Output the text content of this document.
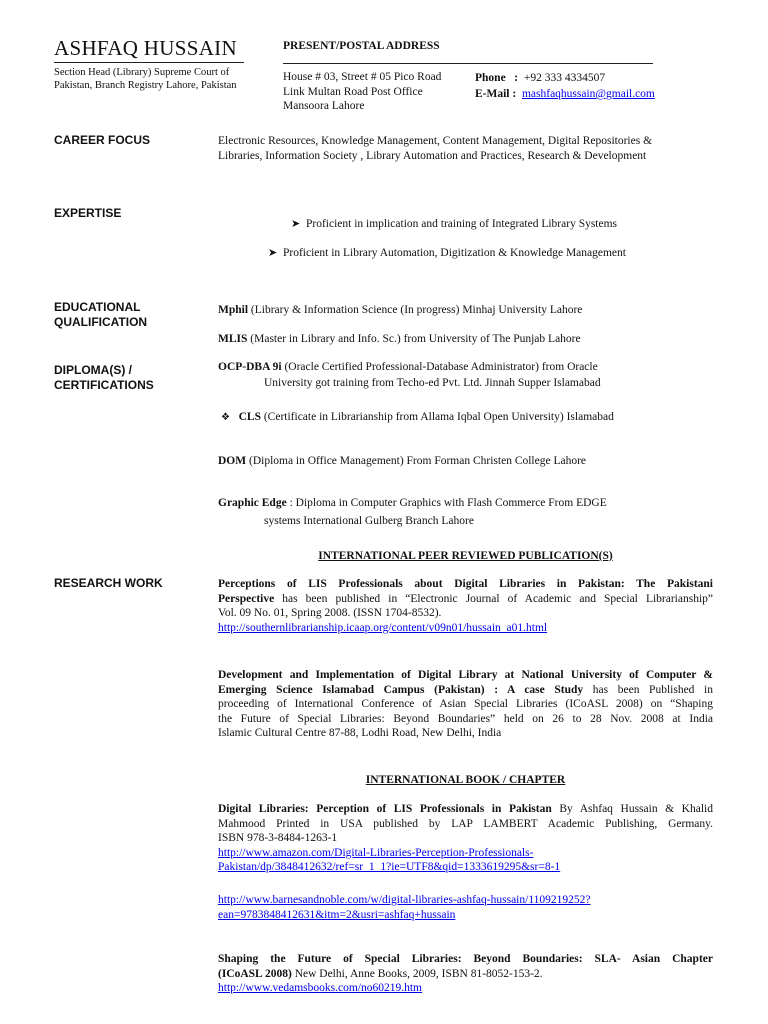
ASHFAQ HUSSAIN
Section Head (Library) Supreme Court of
Pakistan, Branch Registry Lahore, Pakistan
PRESENT/POSTAL ADDRESS
House # 03, Street # 05 Pico Road
Link Multan Road Post Office
Mansoora Lahore
Phone   :  +92 333 4334507
E-Mail :  mashfaqhussain@gmail.com
CAREER FOCUS	Electronic Resources, Knowledge Management, Content Management, Digital Repositories &
Libraries, Information Society , Library Automation and Practices, Research & Development
EXPERTISE
➤ Proficient in implication and training of Integrated Library Systems
➤ Proficient in Library Automation, Digitization & Knowledge Management
EDUCATIONAL
QUALIFICATION
Mphil (Library & Information Science (In progress) Minhaj University Lahore
MLIS (Master in Library and Info. Sc.) from University of The Punjab Lahore
DIPLOMA(S) /
CERTIFICATIONS
OCP-DBA 9i (Oracle Certified Professional-Database Administrator) from Oracle
University got training from Techo-ed Pvt. Ltd. Jinnah Supper Islamabad
❖ CLS (Certificate in Librarianship from Allama Iqbal Open University) Islamabad
DOM (Diploma in Office Management) From Forman Christen College Lahore
Graphic Edge : Diploma in Computer Graphics with Flash Commerce From EDGE
systems International Gulberg Branch Lahore
INTERNATIONAL PEER REVIEWED PUBLICATION(S)
RESEARCH WORK	Perceptions of LIS Professionals about Digital Libraries in Pakistan: The Pakistani
Perspective has been published in “Electronic Journal of Academic and Special Librarianship”
Vol. 09 No. 01, Spring 2008. (ISSN 1704-8532).
http://southernlibrarianship.icaap.org/content/v09n01/hussain_a01.html
Development and Implementation of Digital Library at National University of Computer &
Emerging Science Islamabad Campus (Pakistan) : A case Study has been Published in
proceeding of International Conference of Asian Special Libraries (ICoASL 2008) on “Shaping
the Future of Special Libraries: Beyond Boundaries” held on 26 to 28 Nov. 2008 at India
Islamic Cultural Centre 87-88, Lodhi Road, New Delhi, India
INTERNATIONAL BOOK / CHAPTER
Digital Libraries: Perception of LIS Professionals in Pakistan By Ashfaq Hussain & Khalid
Mahmood Printed in USA published by LAP LAMBERT Academic Publishing, Germany.
ISBN 978-3-8484-1263-1
http://www.amazon.com/Digital-Libraries-Perception-Professionals-
Pakistan/dp/3848412632/ref=sr_1_1?ie=UTF8&qid=1333619295&sr=8-1
http://www.barnesandnoble.com/w/digital-libraries-ashfaq-hussain/1109219252?
ean=9783848412631&itm=2&usri=ashfaq+hussain
Shaping the Future of Special Libraries: Beyond Boundaries: SLA- Asian Chapter
(ICoASL 2008) New Delhi, Anne Books, 2009, ISBN 81-8052-153-2.
http://www.vedamsbooks.com/no60219.htm
